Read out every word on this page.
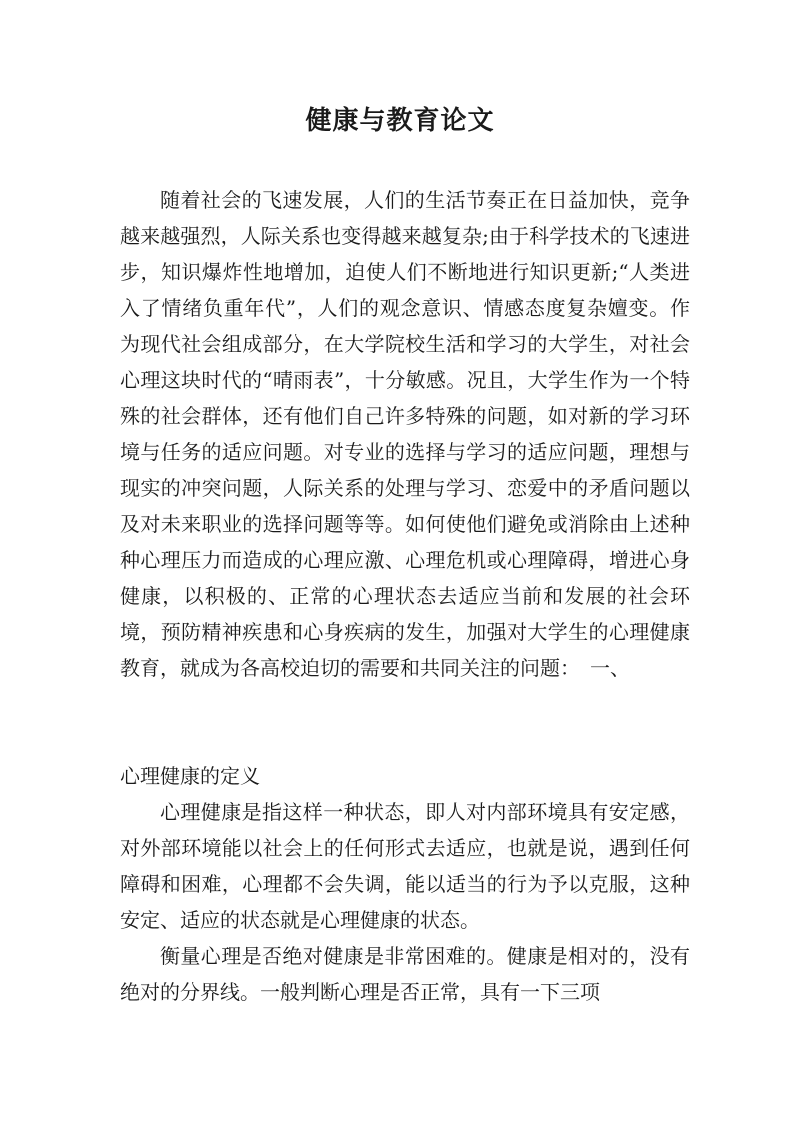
健康与教育论文
随着社会的飞速发展，人们的生活节奏正在日益加快，竞争越来越强烈，人际关系也变得越来越复杂;由于科学技术的飞速进步，知识爆炸性地增加，迫使人们不断地进行知识更新;“人类进入了情绪负重年代”，人们的观念意识、情感态度复杂嬗变。作为现代社会组成部分，在大学院校生活和学习的大学生，对社会心理这块时代的“晴雨表”，十分敏感。况且，大学生作为一个特殊的社会群体，还有他们自己许多特殊的问题，如对新的学习环境与任务的适应问题。对专业的选择与学习的适应问题，理想与现实的冲突问题，人际关系的处理与学习、恋爱中的矛盾问题以及对未来职业的选择问题等等。如何使他们避免或消除由上述种种心理压力而造成的心理应激、心理危机或心理障碍，增进心身健康，以积极的、正常的心理状态去适应当前和发展的社会环境，预防精神疾患和心身疾病的发生，加强对大学生的心理健康教育，就成为各高校迫切的需要和共同关注的问题：　一、
心理健康的定义
心理健康是指这样一种状态，即人对内部环境具有安定感，对外部环境能以社会上的任何形式去适应，也就是说，遇到任何障碍和困难，心理都不会失调，能以适当的行为予以克服，这种安定、适应的状态就是心理健康的状态。
衡量心理是否绝对健康是非常困难的。健康是相对的，没有绝对的分界线。一般判断心理是否正常，具有一下三项
